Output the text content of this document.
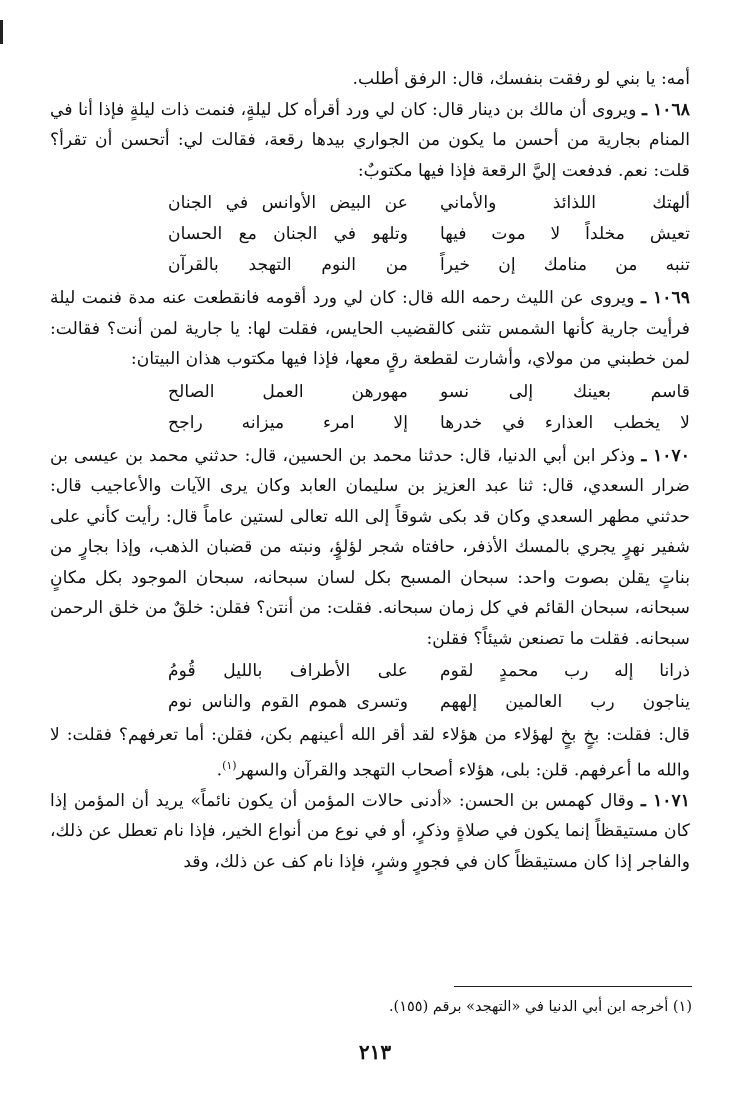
أمه: يا بني لو رفقت بنفسك، قال: الرفق أطلب.

١٠٦٨ ـ ويروى أن مالك بن دينار قال: كان لي ورد أقرأه كل ليلةٍ، فنمت ذات ليلةٍ فإذا أنا في المنام بجارية من أحسن ما يكون من الجواري بيدها رقعة، فقالت لي: أتحسن أن تقرأ؟ قلت: نعم. فدفعت إليَّ الرقعة فإذا فيها مكتوبٌ:

ألهتك اللذائذ والأماني
عن البيض الأوانس في الجنان
تعيش مخلداً لا موت فيها
وتلهو في الجنان مع الحسان
تنبه من منامك إن خيراً
من النوم التهجد بالقرآن

١٠٦٩ ـ ويروى عن الليث رحمه الله قال: كان لي ورد أقومه فانقطعت عنه مدة فنمت ليلة فرأيت جارية كأنها الشمس تثنى كالقضيب الحايس، فقلت لها: يا جارية لمن أنت؟ فقالت: لمن خطبني من مولاي، وأشارت لقطعة رقٍ معها، فإذا فيها مكتوب هذان البيتان:

قاسم بعينك إلى نسو
مهورهن العمل الصالح
لا يخطب العذارء في خدرها
إلا امرء ميزانه راجح

١٠٧٠ ـ وذكر ابن أبي الدنيا، قال: حدثنا محمد بن الحسين، قال: حدثني محمد بن عيسى بن ضرار السعدي، قال: ثنا عبد العزيز بن سليمان العابد وكان يرى الآيات والأعاجيب قال: حدثني مطهر السعدي وكان قد بكى شوقاً إلى الله تعالى لستين عاماً قال: رأيت كأني على شفير نهرٍ يجري بالمسك الأذفر، حافتاه شجر لؤلؤٍ، ونبته من قضبان الذهب، وإذا بجارٍ من بناتٍ يقلن بصوت واحد: سبحان المسبح بكل لسان سبحانه، سبحان الموجود بكل مكانٍ سبحانه، سبحان القائم في كل زمان سبحانه. فقلت: من أنتن؟ فقلن: خلقٌ من خلق الرحمن سبحانه. فقلت ما تصنعن شيئاً؟ فقلن:

ذرانا إله رب محمدٍ لقوم
على الأطراف بالليل قُومُ
يناجون رب العالمين إلههم
وتسرى هموم القوم والناس نوم

قال: فقلت: بخٍ بخٍ لهؤلاء من هؤلاء لقد أقر الله أعينهم بكن، فقلن: أما تعرفهم؟ فقلت: لا والله ما أعرفهم. قلن: بلى، هؤلاء أصحاب التهجد والقرآن والسهر$^{(١)}$.

١٠٧١ ـ وقال كهمس بن الحسن: «أدنى حالات المؤمن أن يكون نائماً» يريد أن المؤمن إذا كان مستيقظاً إنما يكون في صلاةٍ وذكرٍ، أو في نوع من أنواع الخير، فإذا نام تعطل عن ذلك، والفاجر إذا كان مستيقظاً كان في فجورٍ وشرٍ، فإذا نام كف عن ذلك، وقد

(١) أخرجه ابن أبي الدنيا في «التهجد» برقم (١٥٥).
٢١٣
